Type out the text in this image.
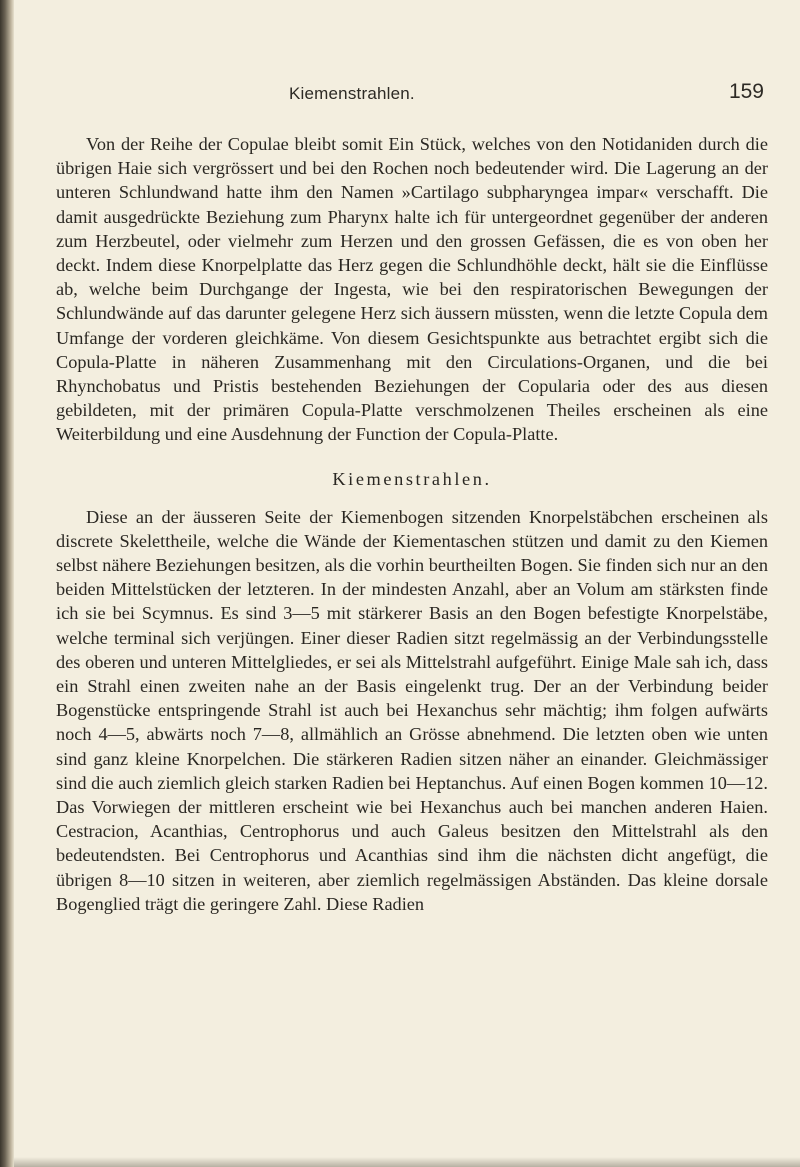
Kiemenstrahlen.	159

Von der Reihe der Copulae bleibt somit Ein Stück, welches von den Notidaniden durch die übrigen Haie sich vergrössert und bei den Rochen noch bedeutender wird. Die Lagerung an der unteren Schlundwand hatte ihm den Namen »Cartilago subpharyngea impar« verschafft. Die damit ausgedrückte Beziehung zum Pharynx halte ich für untergeordnet gegenüber der anderen zum Herzbeutel, oder vielmehr zum Herzen und den grossen Gefässen, die es von oben her deckt. Indem diese Knorpelplatte das Herz gegen die Schlundhöhle deckt, hält sie die Einflüsse ab, welche beim Durchgange der Ingesta, wie bei den respiratorischen Bewegungen der Schlundwände auf das darunter gelegene Herz sich äussern müssten, wenn die letzte Copula dem Umfange der vorderen gleichkäme. Von diesem Gesichtspunkte aus betrachtet ergibt sich die Copula-Platte in näheren Zusammenhang mit den Circulations-Organen, und die bei Rhynchobatus und Pristis bestehenden Beziehungen der Copularia oder des aus diesen gebildeten, mit der primären Copula-Platte verschmolzenen Theiles erscheinen als eine Weiterbildung und eine Ausdehnung der Function der Copula-Platte.

Kiemenstrahlen.

Diese an der äusseren Seite der Kiemenbogen sitzenden Knorpelstäbchen erscheinen als discrete Skelettheile, welche die Wände der Kiementaschen stützen und damit zu den Kiemen selbst nähere Beziehungen besitzen, als die vorhin beurtheilten Bogen. Sie finden sich nur an den beiden Mittelstücken der letzteren. In der mindesten Anzahl, aber an Volum am stärksten finde ich sie bei Scymnus. Es sind 3—5 mit stärkerer Basis an den Bogen befestigte Knorpelstäbe, welche terminal sich verjüngen. Einer dieser Radien sitzt regelmässig an der Verbindungsstelle des oberen und unteren Mittelgliedes, er sei als Mittelstrahl aufgeführt. Einige Male sah ich, dass ein Strahl einen zweiten nahe an der Basis eingelenkt trug. Der an der Verbindung beider Bogenstücke entspringende Strahl ist auch bei Hexanchus sehr mächtig; ihm folgen aufwärts noch 4—5, abwärts noch 7—8, allmählich an Grösse abnehmend. Die letzten oben wie unten sind ganz kleine Knorpelchen. Die stärkeren Radien sitzen näher an einander. Gleichmässiger sind die auch ziemlich gleich starken Radien bei Heptanchus. Auf einen Bogen kommen 10—12. Das Vorwiegen der mittleren erscheint wie bei Hexanchus auch bei manchen anderen Haien. Cestracion, Acanthias, Centrophorus und auch Galeus besitzen den Mittelstrahl als den bedeutendsten. Bei Centrophorus und Acanthias sind ihm die nächsten dicht angefügt, die übrigen 8—10 sitzen in weiteren, aber ziemlich regelmässigen Abständen. Das kleine dorsale Bogenglied trägt die geringere Zahl. Diese Radien
